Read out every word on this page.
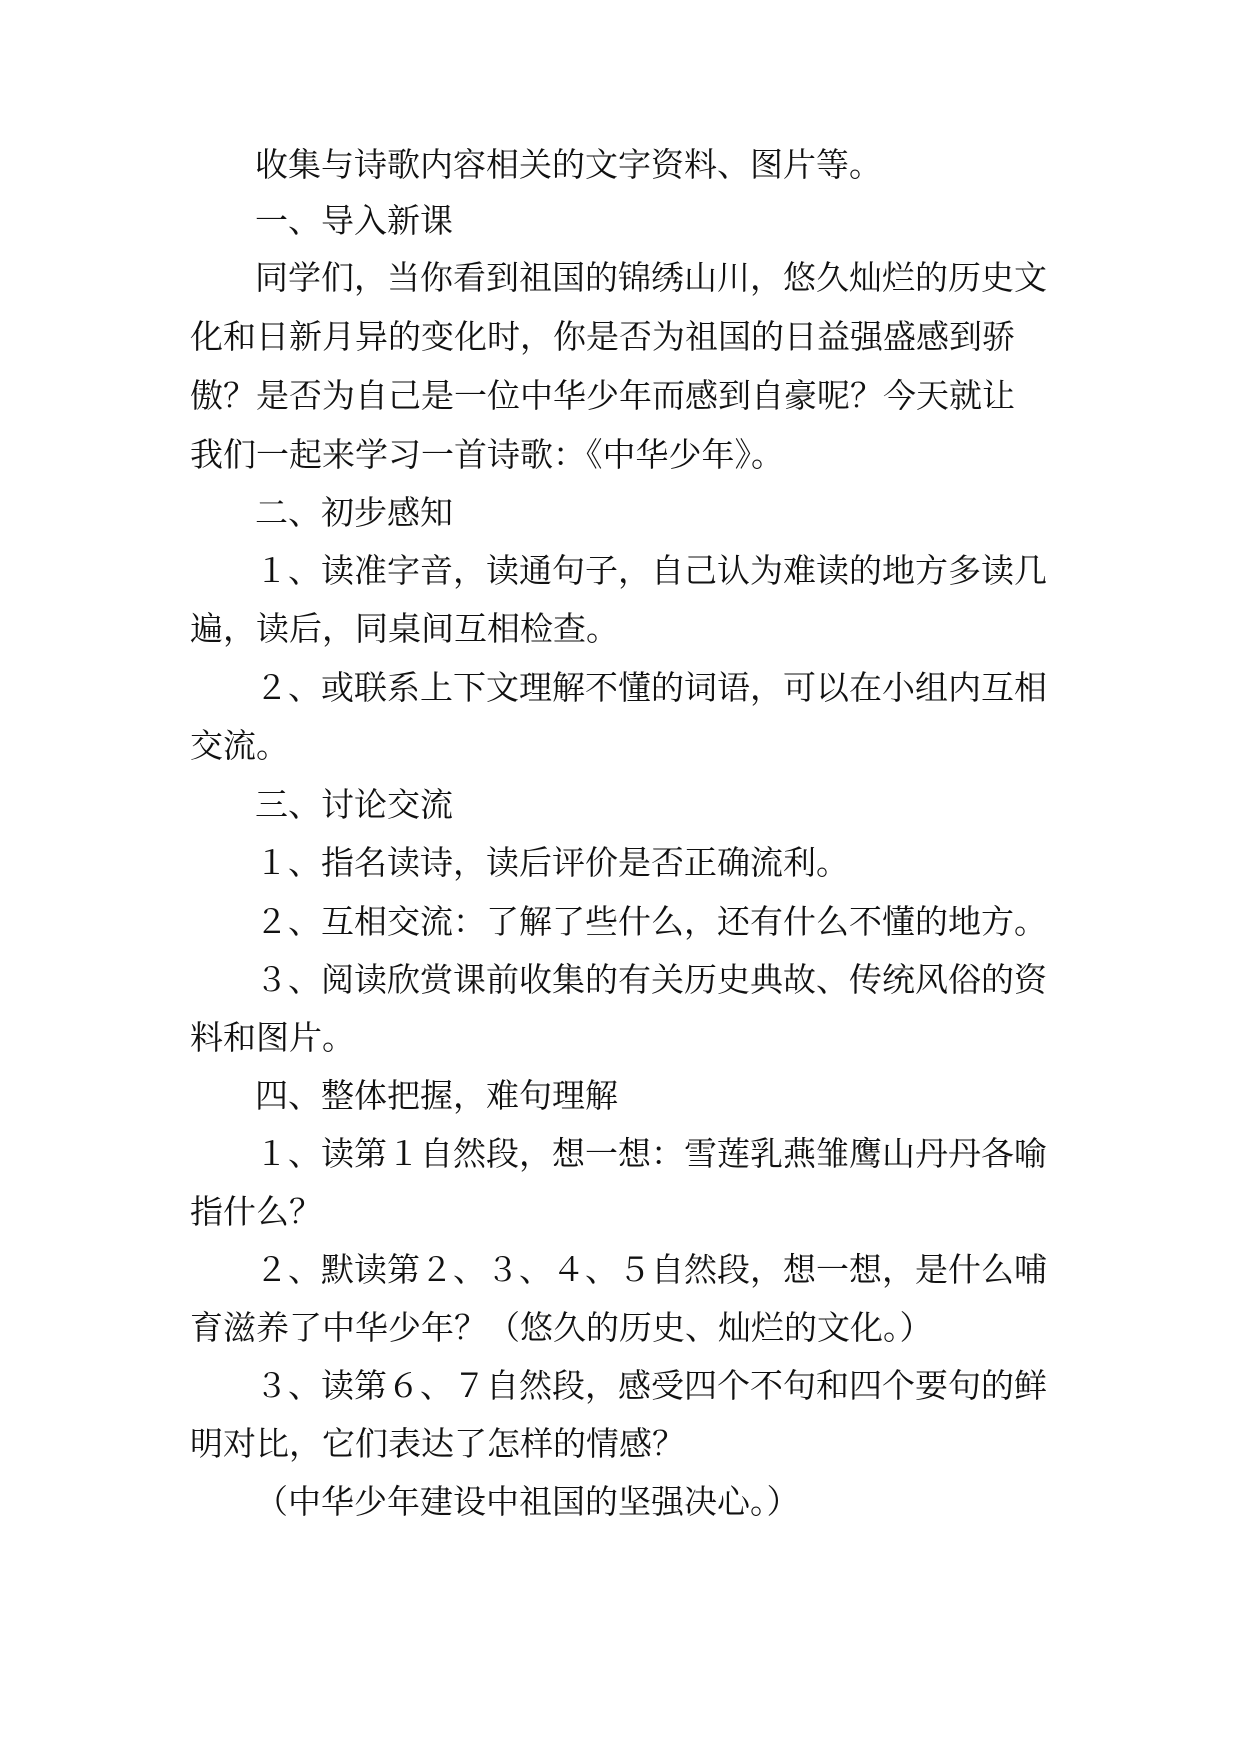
收集与诗歌内容相关的文字资料、图片等。
一、导入新课
同学们，当你看到祖国的锦绣山川，悠久灿烂的历史文
化和日新月异的变化时，你是否为祖国的日益强盛感到骄
傲？是否为自己是一位中华少年而感到自豪呢？今天就让
我们一起来学习一首诗歌：《中华少年》。
二、初步感知
１、读准字音，读通句子，自己认为难读的地方多读几
遍，读后，同桌间互相检查。
２、或联系上下文理解不懂的词语，可以在小组内互相
交流。
三、讨论交流
１、指名读诗，读后评价是否正确流利。
２、互相交流：了解了些什么，还有什么不懂的地方。
３、阅读欣赏课前收集的有关历史典故、传统风俗的资
料和图片。
四、整体把握，难句理解
１、读第１自然段，想一想：雪莲乳燕雏鹰山丹丹各喻
指什么？
２、默读第２、３、４、５自然段，想一想，是什么哺
育滋养了中华少年？（悠久的历史、灿烂的文化。）
３、读第６、７自然段，感受四个不句和四个要句的鲜
明对比，它们表达了怎样的情感？
（中华少年建设中祖国的坚强决心。）
